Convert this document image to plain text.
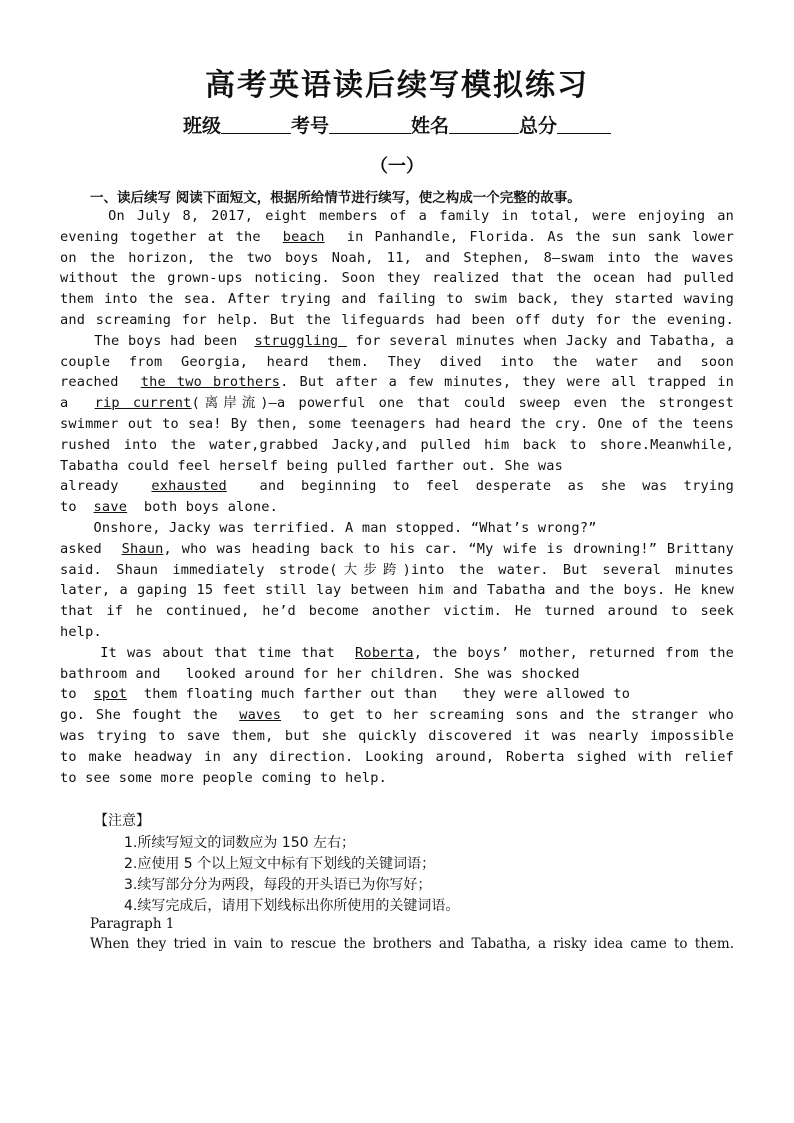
高考英语读后续写模拟练习
班级	考号	姓名	总分
（一）
一、读后续写 阅读下面短文，根据所给情节进行续写，使之构成一个完整的故事。
On July 8, 2017, eight members of a family in total, were enjoying an
evening together at the  beach  in Panhandle, Florida. As the sun sank lower
on the horizon, the two boys Noah, 11, and Stephen, 8—swam into the waves
without the grown-ups noticing. Soon they realized that the ocean had pulled
them into the sea. After trying and failing to swim back, they started waving
and screaming for help. But the lifeguards had been off duty for the evening.
The boys had been  struggling  for several minutes when Jacky and Tabatha, a
couple from Georgia, heard them. They dived into the water and soon
reached  the two brothers. But after a few minutes, they were all trapped in
a  rip current(离岸流)—a powerful one that could sweep even the strongest
swimmer out to sea! By then, some teenagers had heard the cry. One of the teens
rushed into the water,grabbed Jacky,and pulled him back to shore.Meanwhile,
Tabatha could feel herself being pulled farther out. She was
already  exhausted  and beginning to feel desperate as she was trying
to  save  both boys alone.
Onshore, Jacky was terrified. A man stopped. “What’s wrong?”
asked  Shaun, who was heading back to his car. “My wife is drowning!” Brittany
said. Shaun immediately strode(大步跨)into the water. But several minutes
later, a gaping 15 feet still lay between him and Tabatha and the boys. He knew
that if he continued, he’d become another victim. He turned around to seek
help.
It was about that time that  Roberta, the boys’ mother, returned from the
bathroom and   looked around for her children. She was shocked
to  spot  them floating much farther out than   they were allowed to
go. She fought the  waves  to get to her screaming sons and the stranger who
was trying to save them, but she quickly discovered it was nearly impossible
to make headway in any direction. Looking around, Roberta sighed with relief
to see some more people coming to help.
【注意】
1.所续写短文的词数应为 150 左右；
2.应使用 5 个以上短文中标有下划线的关键词语；
3.续写部分分为两段，每段的开头语已为你写好；
4.续写完成后，请用下划线标出你所使用的关键词语。
Paragraph 1
When they tried in vain to rescue the brothers and Tabatha, a risky idea came to them.
